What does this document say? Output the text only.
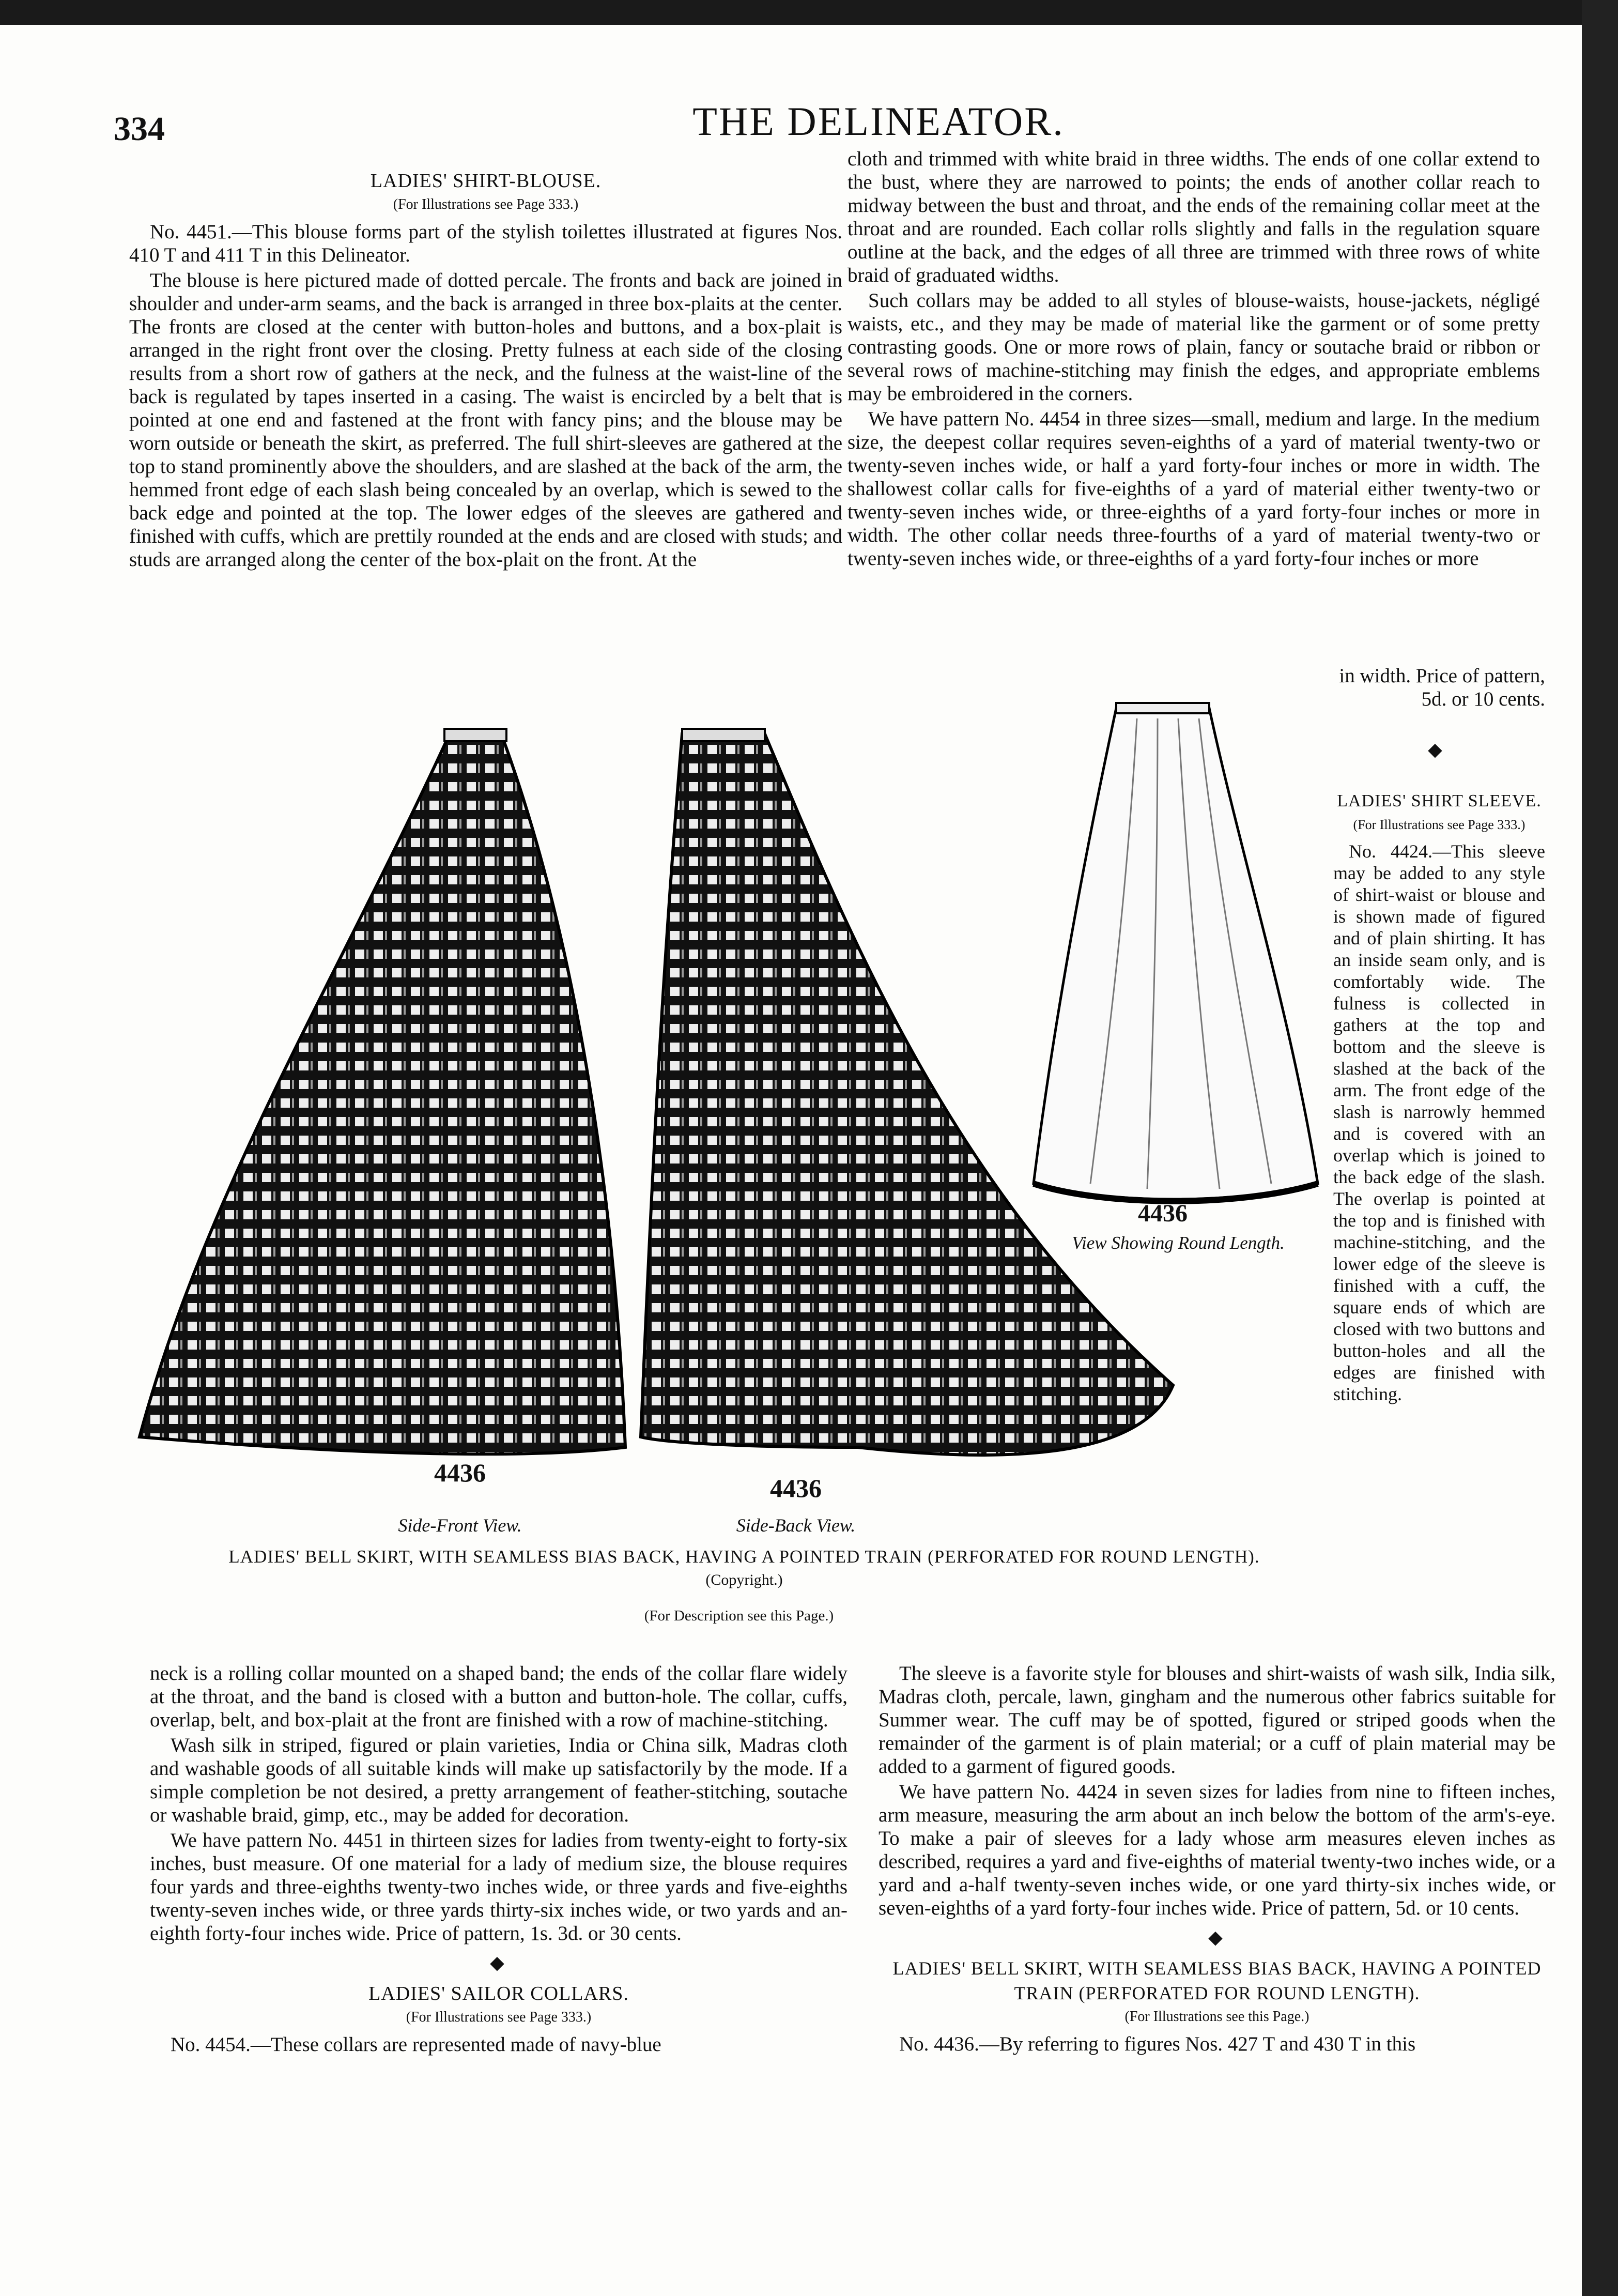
334	THE DELINEATOR.
LADIES' SHIRT-BLOUSE.
(For Illustrations see Page 333.)

No. 4451.—This blouse forms part of the stylish toilettes illustrated at figures Nos. 410 T and 411 T in this Delineator.

The blouse is here pictured made of dotted percale. The fronts and back are joined in shoulder and under-arm seams, and the back is arranged in three box-plaits at the center. The fronts are closed at the center with button-holes and buttons, and a box-plait is arranged in the right front over the closing. Pretty fulness at each side of the closing results from a short row of gathers at the neck, and the fulness at the waist-line of the back is regulated by tapes inserted in a casing. The waist is encircled by a belt that is pointed at one end and fastened at the front with fancy pins; and the blouse may be worn outside or beneath the skirt, as preferred. The full shirt-sleeves are gathered at the top to stand prominently above the shoulders, and are slashed at the back of the arm, the hemmed front edge of each slash being concealed by an overlap, which is sewed to the back edge and pointed at the top. The lower edges of the sleeves are gathered and finished with cuffs, which are prettily rounded at the ends and are closed with studs; and studs are arranged along the center of the box-plait on the front. At the

cloth and trimmed with white braid in three widths. The ends of one collar extend to the bust, where they are narrowed to points; the ends of another collar reach to midway between the bust and throat, and the ends of the remaining collar meet at the throat and are rounded. Each collar rolls slightly and falls in the regulation square outline at the back, and the edges of all three are trimmed with three rows of white braid of graduated widths.

Such collars may be added to all styles of blouse-waists, house-jackets, négligé waists, etc., and they may be made of material like the garment or of some pretty contrasting goods. One or more rows of plain, fancy or soutache braid or ribbon or several rows of machine-stitching may finish the edges, and appropriate emblems may be embroidered in the corners.

We have pattern No. 4454 in three sizes—small, medium and large. In the medium size, the deepest collar requires seven-eighths of a yard of material twenty-two or twenty-seven inches wide, or half a yard forty-four inches or more in width. The shallowest collar calls for five-eighths of a yard of material either twenty-two or twenty-seven inches wide, or three-eighths of a yard forty-four inches or more in width. The other collar needs three-fourths of a yard of material twenty-two or twenty-seven inches wide, or three-eighths of a yard forty-four inches or more

in width. Price of pattern, 5d. or 10 cents.
◆
LADIES' SHIRT SLEEVE.
(For Illustrations see Page 333.)

No. 4424.—This sleeve may be added to any style of shirt-waist or blouse and is shown made of figured and of plain shirting. It has an inside seam only, and is comfortably wide. The fulness is collected in gathers at the top and bottom and the sleeve is slashed at the back of the arm. The front edge of the slash is narrowly hemmed and is covered with an overlap which is joined to the back edge of the slash. The overlap is pointed at the top and is finished with machine-stitching, and the lower edge of the sleeve is finished with a cuff, the square ends of which are closed with two buttons and button-holes and all the edges are finished with stitching.

4436
Side-Front View.
4436
Side-Back View.
4436
View Showing Round Length.
LADIES' BELL SKIRT, WITH SEAMLESS BIAS BACK, HAVING A POINTED TRAIN (PERFORATED FOR ROUND LENGTH).
(Copyright.)
(For Description see this Page.)

neck is a rolling collar mounted on a shaped band; the ends of the collar flare widely at the throat, and the band is closed with a button and button-hole. The collar, cuffs, overlap, belt, and box-plait at the front are finished with a row of machine-stitching.

Wash silk in striped, figured or plain varieties, India or China silk, Madras cloth and washable goods of all suitable kinds will make up satisfactorily by the mode. If a simple completion be not desired, a pretty arrangement of feather-stitching, soutache or washable braid, gimp, etc., may be added for decoration.

We have pattern No. 4451 in thirteen sizes for ladies from twenty-eight to forty-six inches, bust measure. Of one material for a lady of medium size, the blouse requires four yards and three-eighths twenty-two inches wide, or three yards and five-eighths twenty-seven inches wide, or three yards thirty-six inches wide, or two yards and an-eighth forty-four inches wide. Price of pattern, 1s. 3d. or 30 cents.

◆
LADIES' SAILOR COLLARS.
(For Illustrations see Page 333.)

No. 4454.—These collars are represented made of navy-blue

The sleeve is a favorite style for blouses and shirt-waists of wash silk, India silk, Madras cloth, percale, lawn, gingham and the numerous other fabrics suitable for Summer wear. The cuff may be of spotted, figured or striped goods when the remainder of the garment is of plain material; or a cuff of plain material may be added to a garment of figured goods.

We have pattern No. 4424 in seven sizes for ladies from nine to fifteen inches, arm measure, measuring the arm about an inch below the bottom of the arm's-eye. To make a pair of sleeves for a lady whose arm measures eleven inches as described, requires a yard and five-eighths of material twenty-two inches wide, or a yard and a-half twenty-seven inches wide, or one yard thirty-six inches wide, or seven-eighths of a yard forty-four inches wide. Price of pattern, 5d. or 10 cents.

◆
LADIES' BELL SKIRT, WITH SEAMLESS BIAS BACK, HAVING A POINTED TRAIN (PERFORATED FOR ROUND LENGTH).
(For Illustrations see this Page.)

No. 4436.—By referring to figures Nos. 427 T and 430 T in this
